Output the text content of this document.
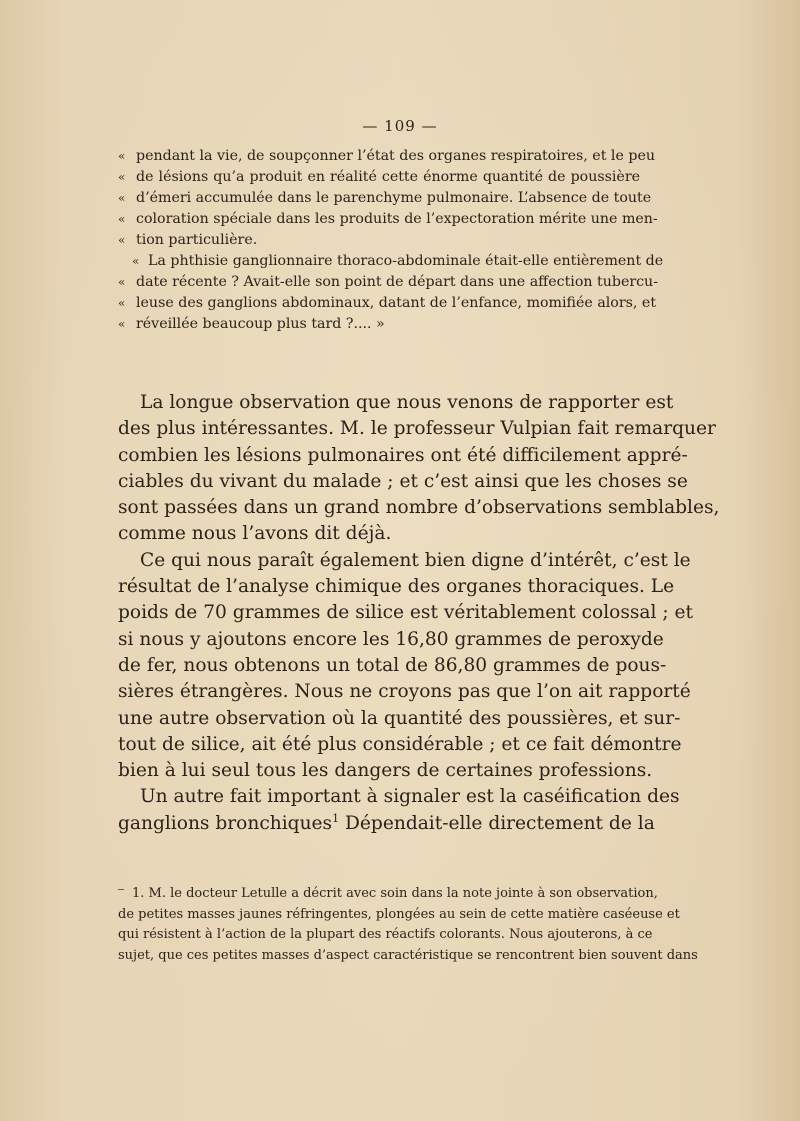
— 109 —
« pendant la vie, de soupçonner l’état des organes respiratoires, et le peu
« de lésions qu’a produit en réalité cette énorme quantité de poussière
« d’émeri accumulée dans le parenchyme pulmonaire. L’absence de toute
« coloration spéciale dans les produits de l’expectoration mérite une men-
« tion particulière.
« La phthisie ganglionnaire thoraco-abdominale était-elle entièrement de
« date récente ? Avait-elle son point de départ dans une affection tubercu-
« leuse des ganglions abdominaux, datant de l’enfance, momifiée alors, et
« réveillée beaucoup plus tard ?.... »
La longue observation que nous venons de rapporter est
des plus intéressantes. M. le professeur Vulpian fait remarquer
combien les lésions pulmonaires ont été difficilement appré-
ciables du vivant du malade ; et c’est ainsi que les choses se
sont passées dans un grand nombre d’observations semblables,
comme nous l’avons dit déjà.
Ce qui nous paraît également bien digne d’intérêt, c’est le
résultat de l’analyse chimique des organes thoraciques. Le
poids de 70 grammes de silice est véritablement colossal ; et
si nous y ajoutons encore les 16,80 grammes de peroxyde
de fer, nous obtenons un total de 86,80 grammes de pous-
sières étrangères. Nous ne croyons pas que l’on ait rapporté
une autre observation où la quantité des poussières, et sur-
tout de silice, ait été plus considérable ; et ce fait démontre
bien à lui seul tous les dangers de certaines professions.
Un autre fait important à signaler est la caséification des
ganglions bronchiques$^1$ Dépendait-elle directement de la
1. M. le docteur Letulle a décrit avec soin dans la note jointe à son observation,
de petites masses jaunes réfringentes, plongées au sein de cette matière caséeuse et
qui résistent à l’action de la plupart des réactifs colorants. Nous ajouterons, à ce
sujet, que ces petites masses d’aspect caractéristique se rencontrent bien souvent dans
